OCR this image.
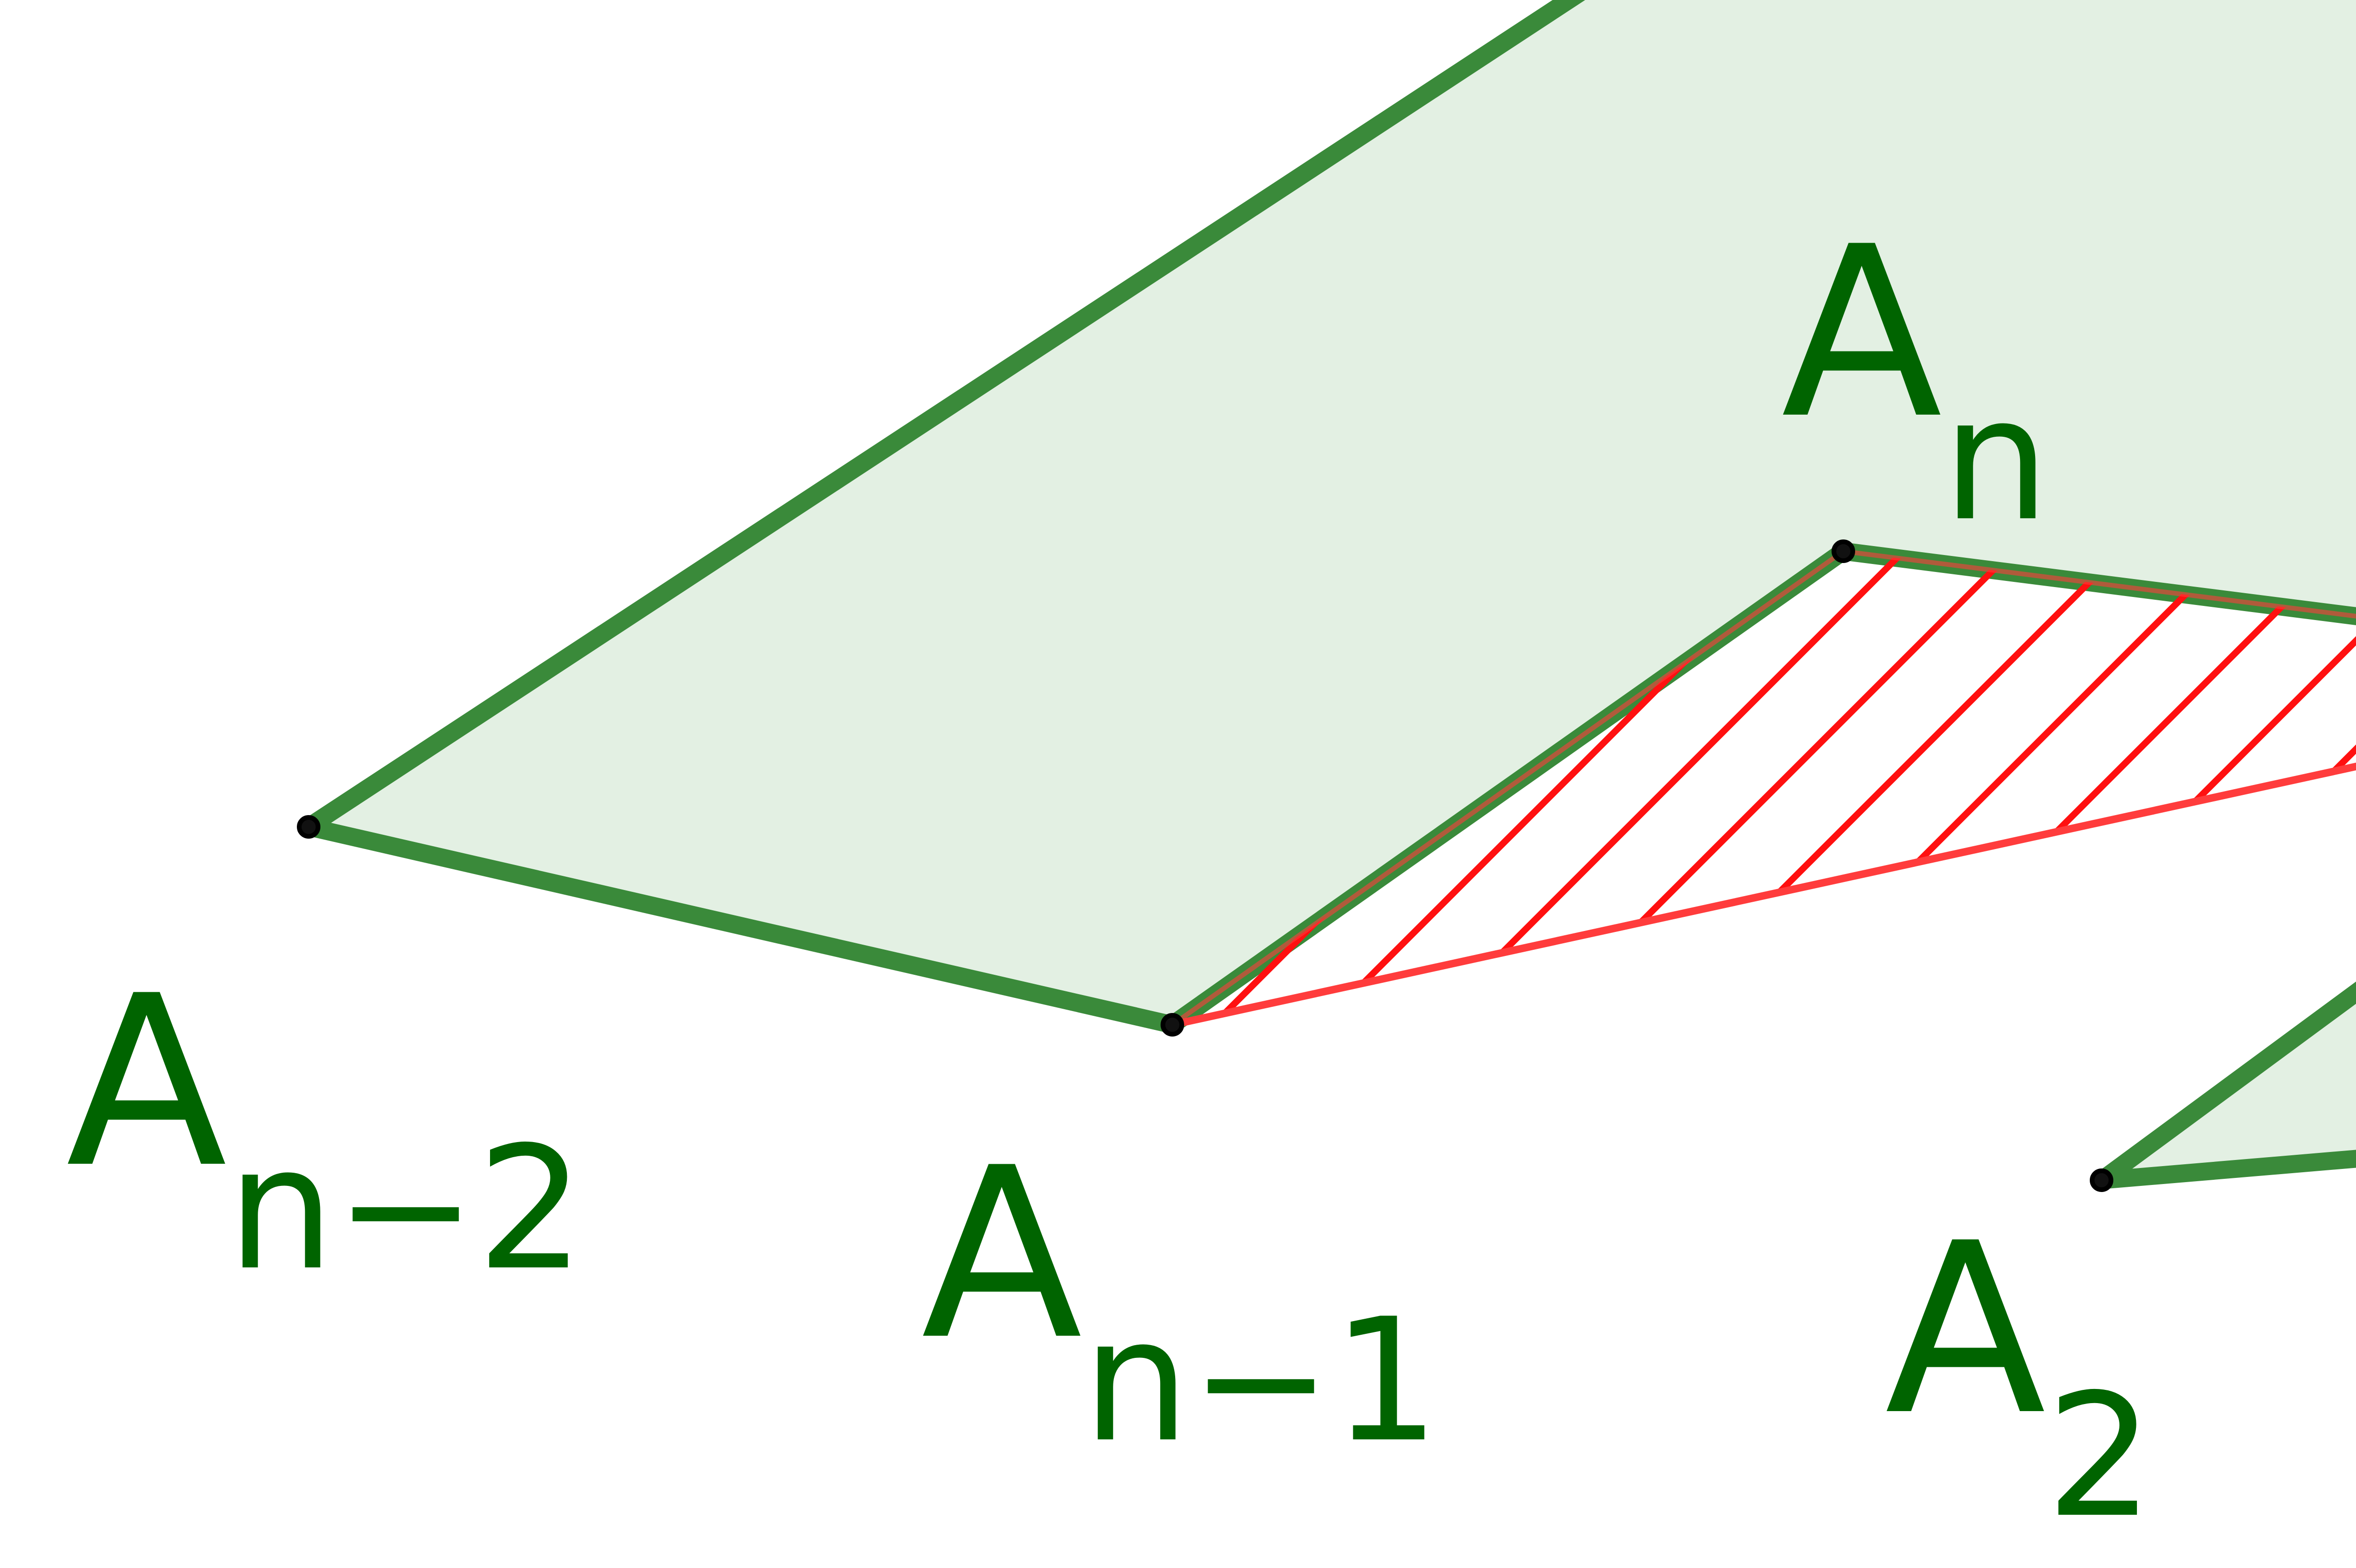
$A_n$
$A_{n-2}$ $A_{n-1}$ $A_2$
